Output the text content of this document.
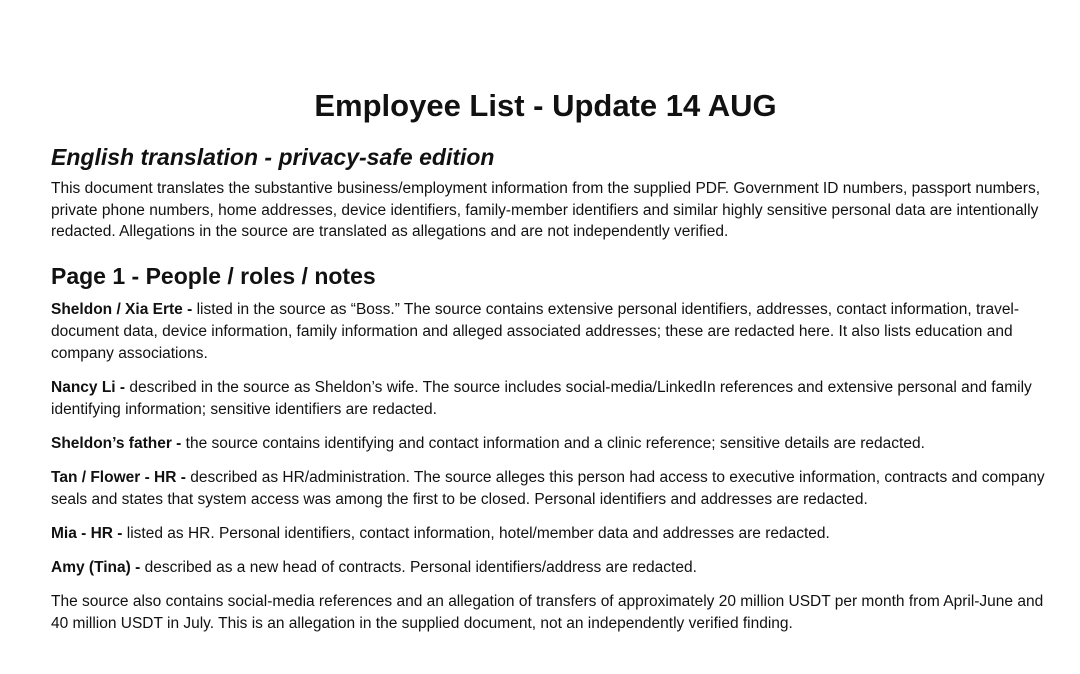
Employee List - Update 14 AUG
English translation - privacy-safe edition

This document translates the substantive business/employment information from the supplied PDF. Government ID numbers, passport numbers, private phone numbers, home addresses, device identifiers, family-member identifiers and similar highly sensitive personal data are intentionally redacted. Allegations in the source are translated as allegations and are not independently verified.

Page 1 - People / roles / notes

Sheldon / Xia Erte - listed in the source as “Boss.” The source contains extensive personal identifiers, addresses, contact information, travel-document data, device information, family information and alleged associated addresses; these are redacted here. It also lists education and company associations.

Nancy Li - described in the source as Sheldon’s wife. The source includes social-media/LinkedIn references and extensive personal and family identifying information; sensitive identifiers are redacted.

Sheldon’s father - the source contains identifying and contact information and a clinic reference; sensitive details are redacted.

Tan / Flower - HR - described as HR/administration. The source alleges this person had access to executive information, contracts and company seals and states that system access was among the first to be closed. Personal identifiers and addresses are redacted.

Mia - HR - listed as HR. Personal identifiers, contact information, hotel/member data and addresses are redacted.

Amy (Tina) - described as a new head of contracts. Personal identifiers/address are redacted.

The source also contains social-media references and an allegation of transfers of approximately 20 million USDT per month from April-June and 40 million USDT in July. This is an allegation in the supplied document, not an independently verified finding.
